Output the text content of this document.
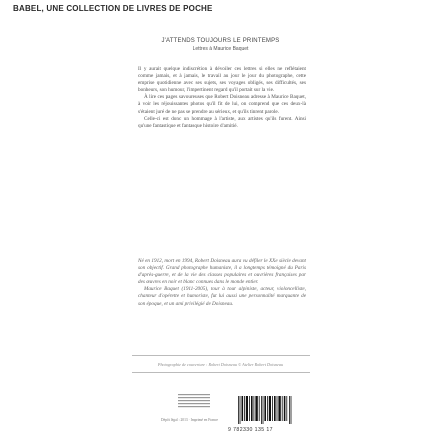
BABEL, UNE COLLECTION DE LIVRES DE POCHE
J'ATTENDS TOUJOURS LE PRINTEMPS
Lettres à Maurice Baquet

Il y aurait quelque indiscrétion à dévoiler ces lettres si elles ne reflétaient comme jamais, et à jamais, le travail au jour le jour du photographe, cette emprise quotidienne avec ses sujets, ses voyages obligés, ses difficultés, ses bonheurs, son humour, l'impertinent regard qu'il portait sur la vie.

À lire ces pages savoureuses que Robert Doisneau adresse à Maurice Baquet, à voir les réjouissantes photos qu'il fit de lui, on comprend que ces deux-là s'étaient juré de ne pas se prendre au sérieux, et qu'ils tinrent parole.

Celle-ci est donc un hommage à l'artiste, aux artistes qu'ils furent. Ainsi qu'une fantastique et fantasque histoire d'amitié.

Né en 1912, mort en 1994, Robert Doisneau aura vu défiler le XXe siècle devant son objectif. Grand photographe humaniste, il a longtemps témoigné du Paris d'après-guerre, et de la vie des classes populaires et ouvrières françaises par des œuvres en noir et blanc connues dans le monde entier.

Maurice Baquet (1911-2005), tour à tour alpiniste, acteur, violoncelliste, chanteur d'opérette et humoriste, fut lui aussi une personnalité marquante de son époque, et un ami privilégié de Doisneau.

Photographie de couverture : Robert Doisneau © Atelier Robert Doisneau
Dépôt légal : 2013 · Imprimé en France
9 782330 135 17
